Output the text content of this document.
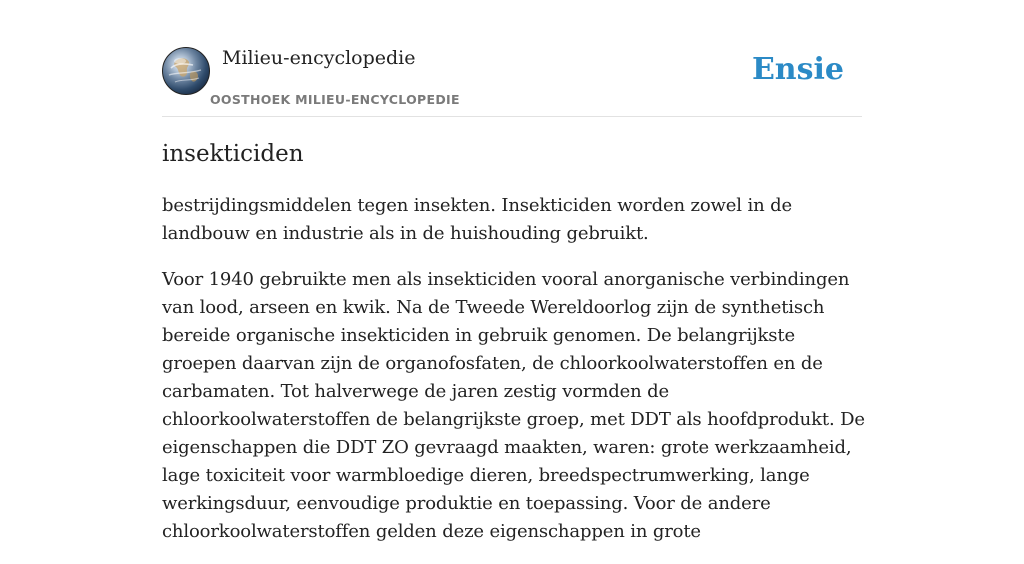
Milieu-encyclopedie
OOSTHOEK MILIEU-ENCYCLOPEDIE
Ensie
insekticiden

bestrijdingsmiddelen tegen insekten. Insekticiden worden zowel in de landbouw en industrie als in de huishouding gebruikt.

Voor 1940 gebruikte men als insekticiden vooral anorganische verbindingen van lood, arseen en kwik. Na de Tweede Wereldoorlog zijn de synthetisch bereide organische insekticiden in gebruik genomen. De belangrijkste groepen daarvan zijn de organofosfaten, de chloorkoolwaterstoffen en de carbamaten. Tot halverwege de jaren zestig vormden de chloorkoolwaterstoffen de belangrijkste groep, met DDT als hoofdprodukt. De eigenschappen die DDT ZO gevraagd maakten, waren: grote werkzaamheid, lage toxiciteit voor warmbloedige dieren, breedspectrumwerking, lange werkingsduur, eenvoudige produktie en toepassing. Voor de andere chloorkoolwaterstoffen gelden deze eigenschappen in grote
